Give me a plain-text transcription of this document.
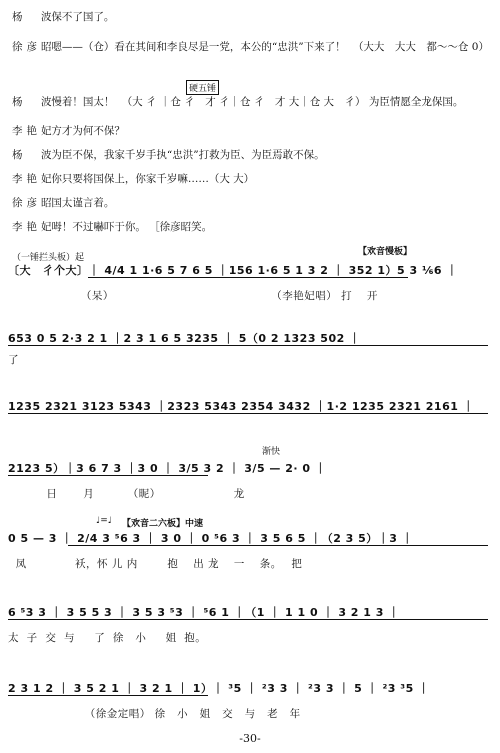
杨　波 保不了国了。
徐彦昭 嗯——（仓）看在其间和李良尽是一党，本公的“忠洪”下来了！ （大大　大大　都～～仓 0）
硬五锤
杨　波 慢着！国太！ （大 彳 ｜仓 彳　才 彳｜仓 彳　才 大｜仓 大　彳） 为臣情愿全龙保国。
李艳妃 方才为何不保？
杨　波 为臣不保，我家千岁手执“忠洪”打救为臣、为臣焉敢不保。
李艳妃 你只要将国保上，你家千岁嘛……（大 大）
徐彦昭 国太谨言着。
李艳妃 呣！不过嚇吓于你。 ［徐彦昭笑。
（一锤拦头板）起
【欢音慢板】
渐快
♩=♩ 【欢音二六板】中速
〔大　彳个大〕｜ 4/4 1 1·6 5 7 6 5 ｜156 1·6 5 1 3 2 ｜ 352 1）5 3 ⅙6 ｜
（呆）                                         （李艳妃唱） 打　 开
653 0 5 2·3 2 1 ｜2 3 1 6 5 3235 ｜ 5（0 2 1323 502 ｜
了
1235 2321 3123 5343 ｜2323 5343 2354 3432 ｜1·2 1235 2321 2161 ｜
2123 5）｜3 6 7 3 ｜3 0 ｜ 3/5 3 2 ｜ 3/5 — 2· 0 ｜
日　　 月　　   （昵）                   龙
0 5 — 3 ｜ 2/4 3 ⁵6 3 ｜ 3 0 ｜ 0 ⁵6 3 ｜ 3 5 6 5 ｜（2 3 5）｜3 ｜
凤　   　　 袄，怀 儿 内　　  抱　 出 龙 　一　 条。　 把
6 ⁵3 3 ｜ 3 5 5 3 ｜ 3 5 3 ⁵3 ｜ ⁵6 1 ｜（1 ｜ 1 1 0 ｜ 3 2 1 3 ｜
太  子  交  与     了  徐   小     姐  抱。
2 3 1 2 ｜ 3 5 2 1 ｜ 3 2 1 ｜ 1）｜ ³5 ｜ ²3 3 ｜ ²3 3 ｜ 5 ｜ ²3 ³5 ｜
（徐金定唱） 徐   小   姐   交   与   老   年
-30-
